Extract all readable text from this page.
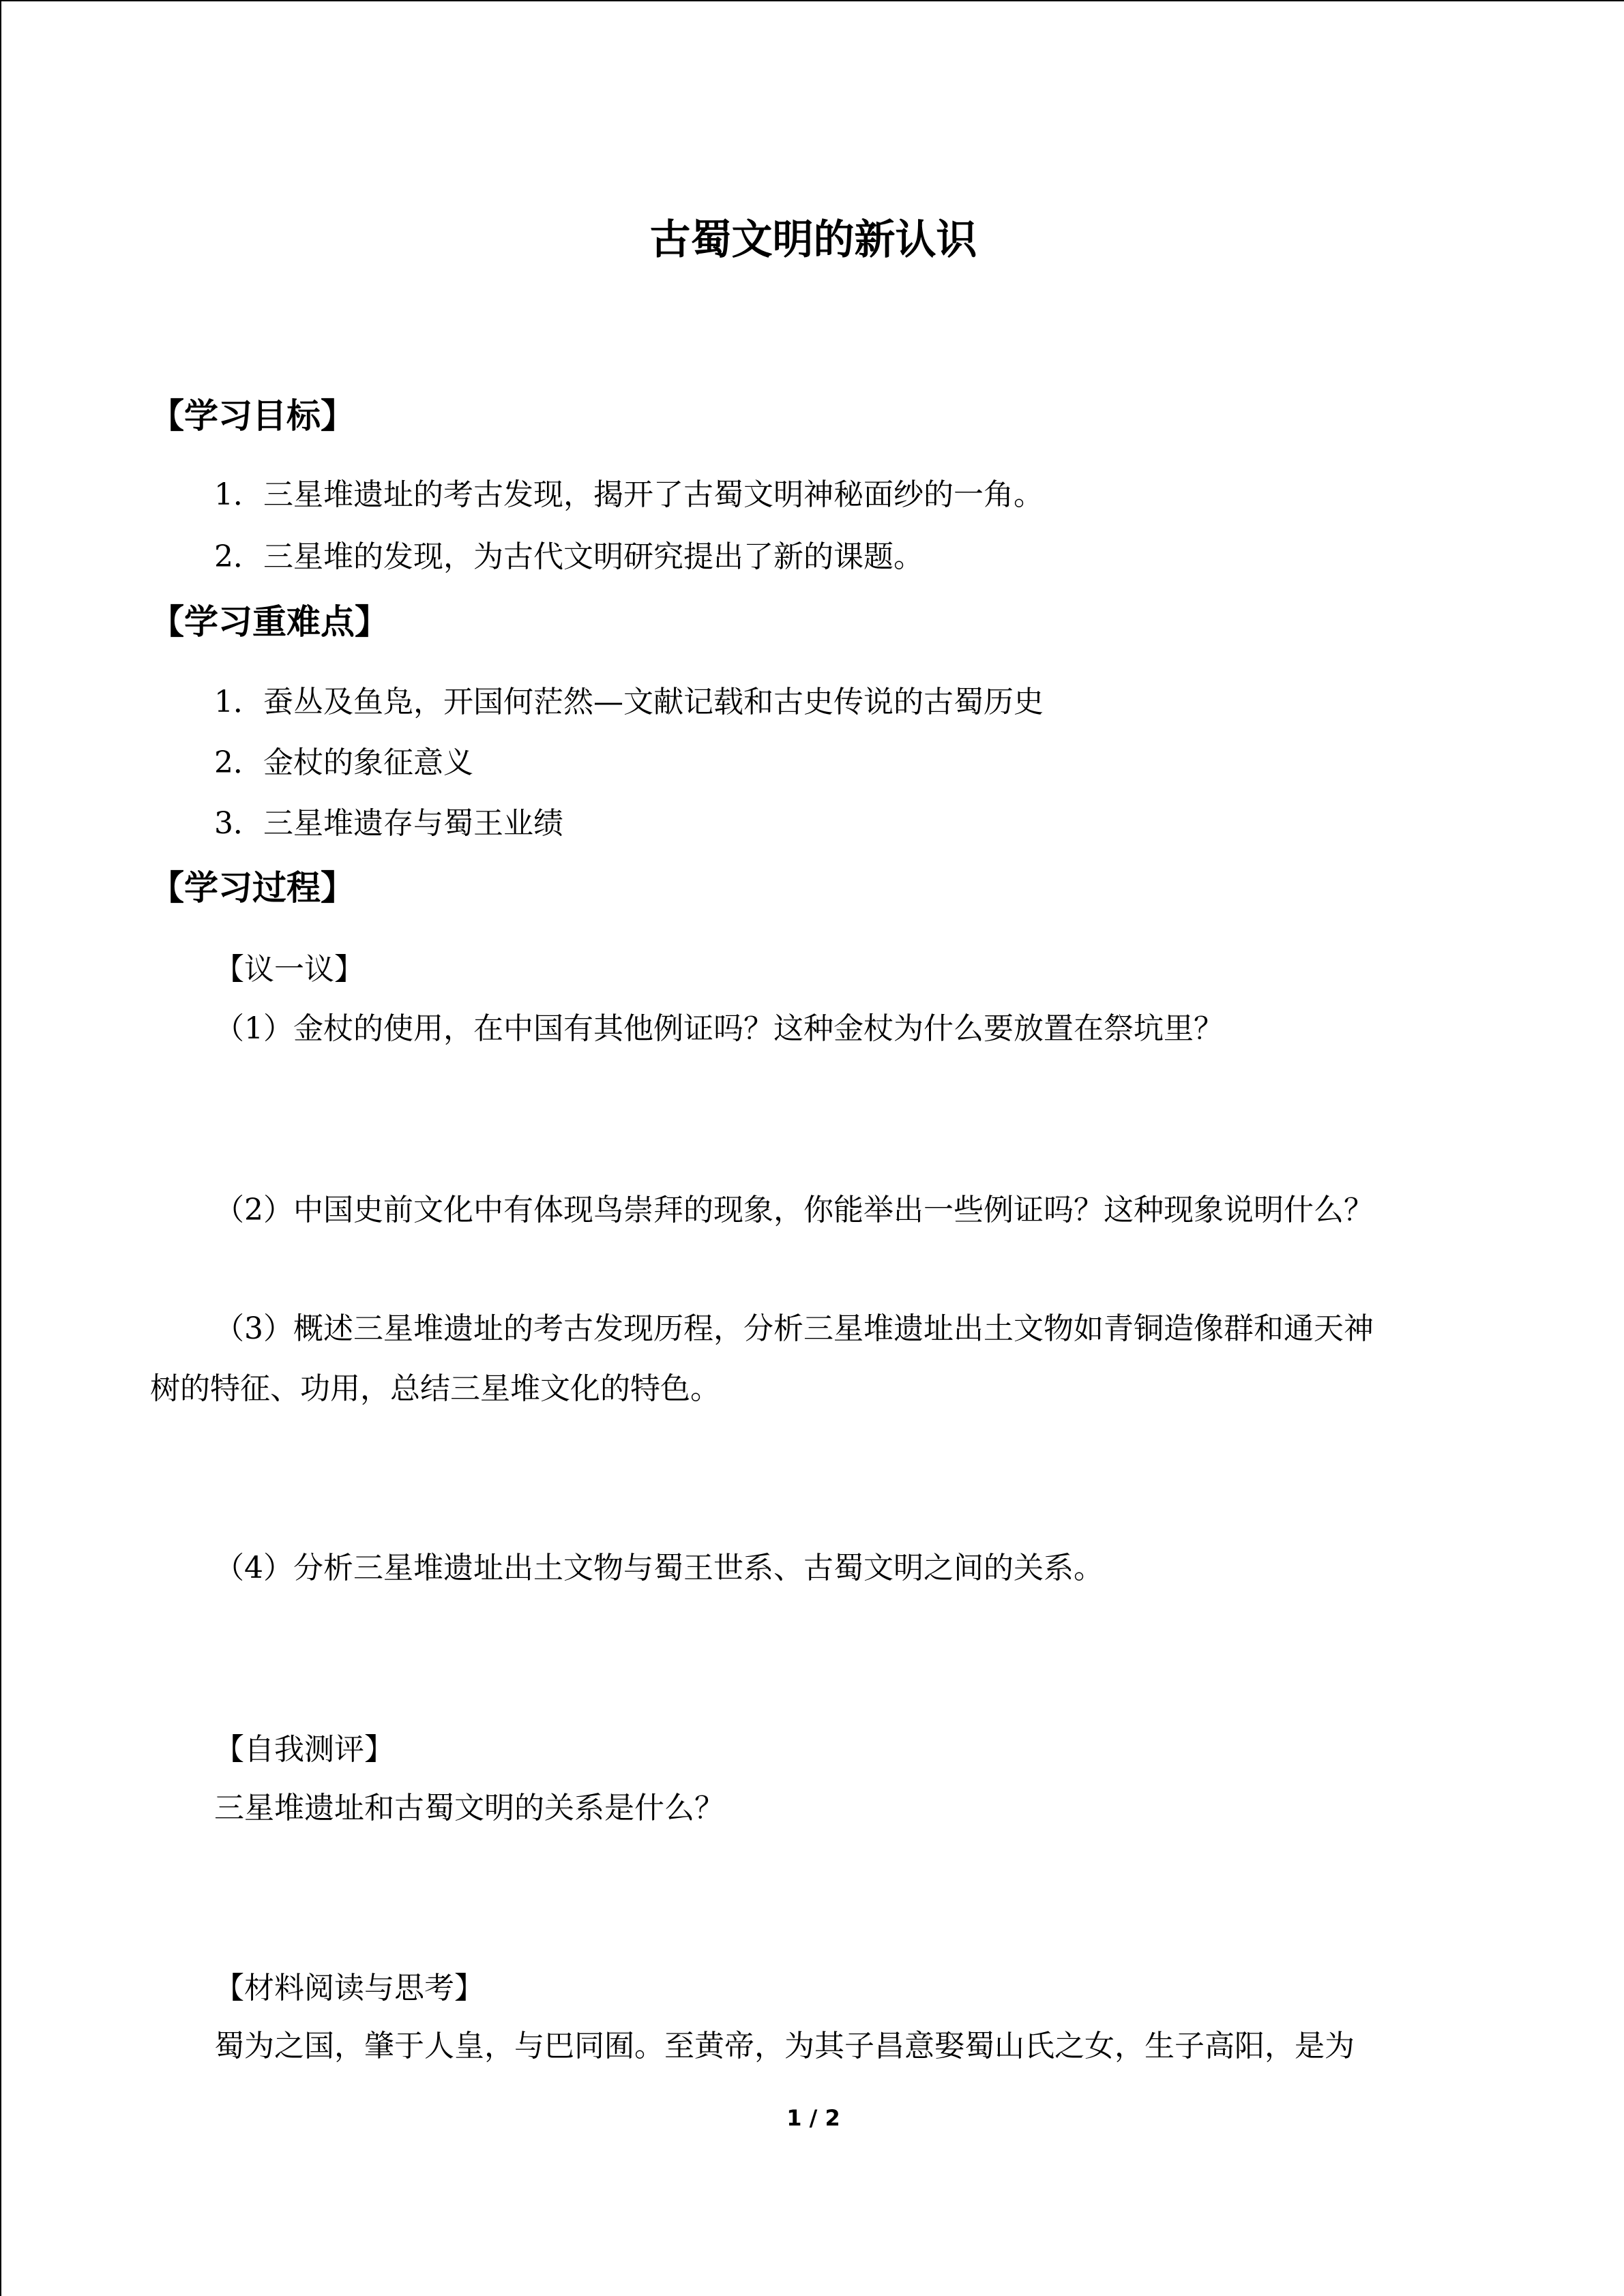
古蜀文明的新认识
【学习目标】
1．三星堆遗址的考古发现，揭开了古蜀文明神秘面纱的一角。
2．三星堆的发现，为古代文明研究提出了新的课题。
【学习重难点】
1．蚕丛及鱼凫，开国何茫然—文献记载和古史传说的古蜀历史
2．金杖的象征意义
3．三星堆遗存与蜀王业绩
【学习过程】
【议一议】
（1）金杖的使用，在中国有其他例证吗？这种金杖为什么要放置在祭坑里？
（2）中国史前文化中有体现鸟崇拜的现象，你能举出一些例证吗？这种现象说明什么？
（3）概述三星堆遗址的考古发现历程，分析三星堆遗址出土文物如青铜造像群和通天神
树的特征、功用，总结三星堆文化的特色。
（4）分析三星堆遗址出土文物与蜀王世系、古蜀文明之间的关系。
【自我测评】
三星堆遗址和古蜀文明的关系是什么？
【材料阅读与思考】
蜀为之国，肇于人皇，与巴同囿。至黄帝，为其子昌意娶蜀山氏之女，生子高阳，是为
1 / 2
